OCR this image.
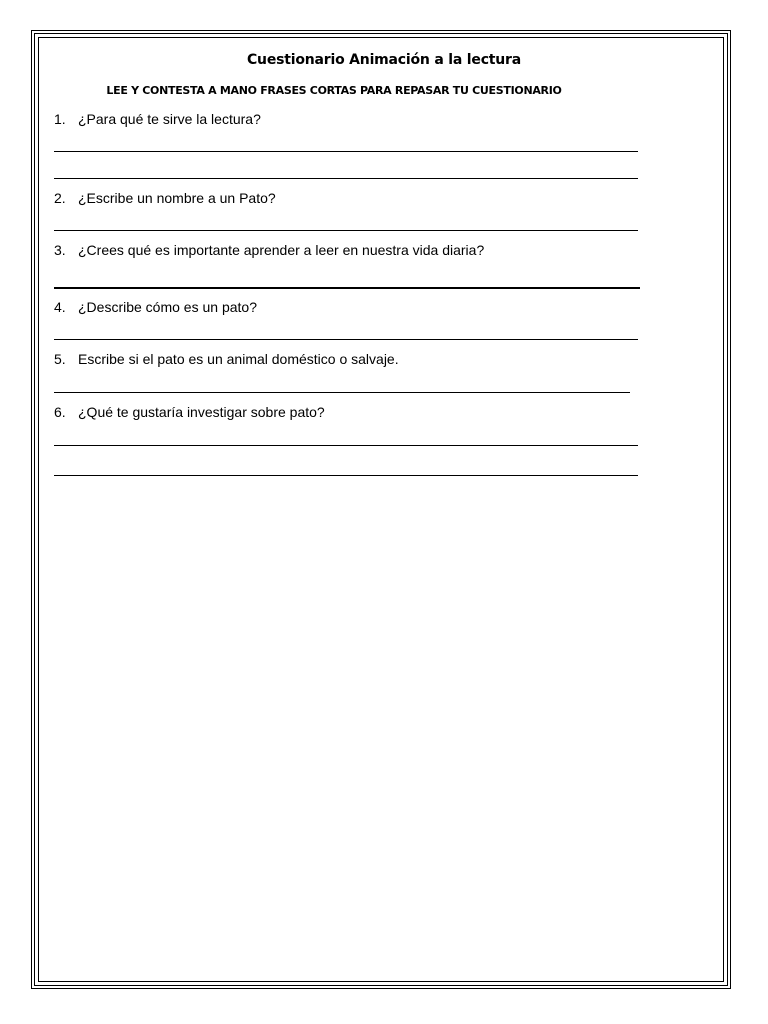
Cuestionario Animación a la lectura
LEE Y CONTESTA A MANO FRASES CORTAS PARA REPASAR TU CUESTIONARIO
1. ¿Para qué te sirve la lectura?
2. ¿Escribe un nombre a un Pato?
3. ¿Crees qué es importante aprender a leer en nuestra vida diaria?
4. ¿Describe cómo es un pato?
5. Escribe si el pato es un animal doméstico o salvaje.
6. ¿Qué te gustaría investigar sobre pato?
